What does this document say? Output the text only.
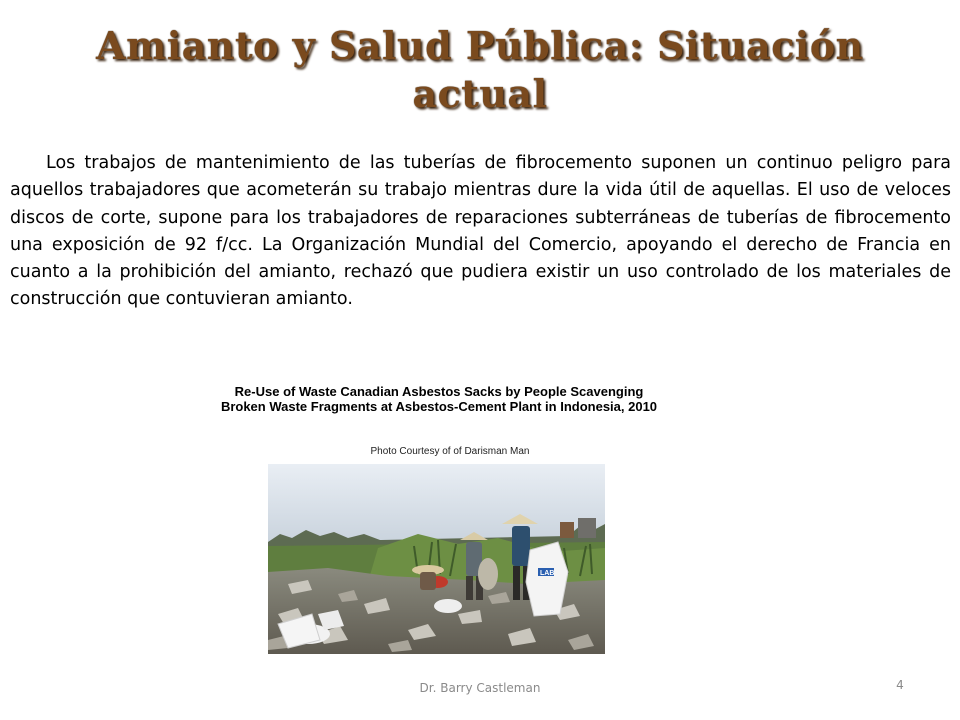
Amianto y Salud Pública: Situación actual

Los trabajos de mantenimiento de las tuberías de fibrocemento suponen un continuo peligro para aquellos trabajadores que acometerán su trabajo mientras dure la vida útil de aquellas. El uso de veloces discos de corte, supone para los trabajadores de reparaciones subterráneas de tuberías de fibrocemento una exposición de 92 f/cc. La Organización Mundial del Comercio, apoyando el derecho de Francia en cuanto a la prohibición del amianto, rechazó que pudiera existir un uso controlado de los materiales de construcción que contuvieran amianto.

Re-Use of Waste Canadian Asbestos Sacks by People Scavenging

Broken Waste Fragments at Asbestos-Cement Plant in Indonesia, 2010

Photo Courtesy of of Darisman Man

LAB

Dr. Barry Castleman	4
